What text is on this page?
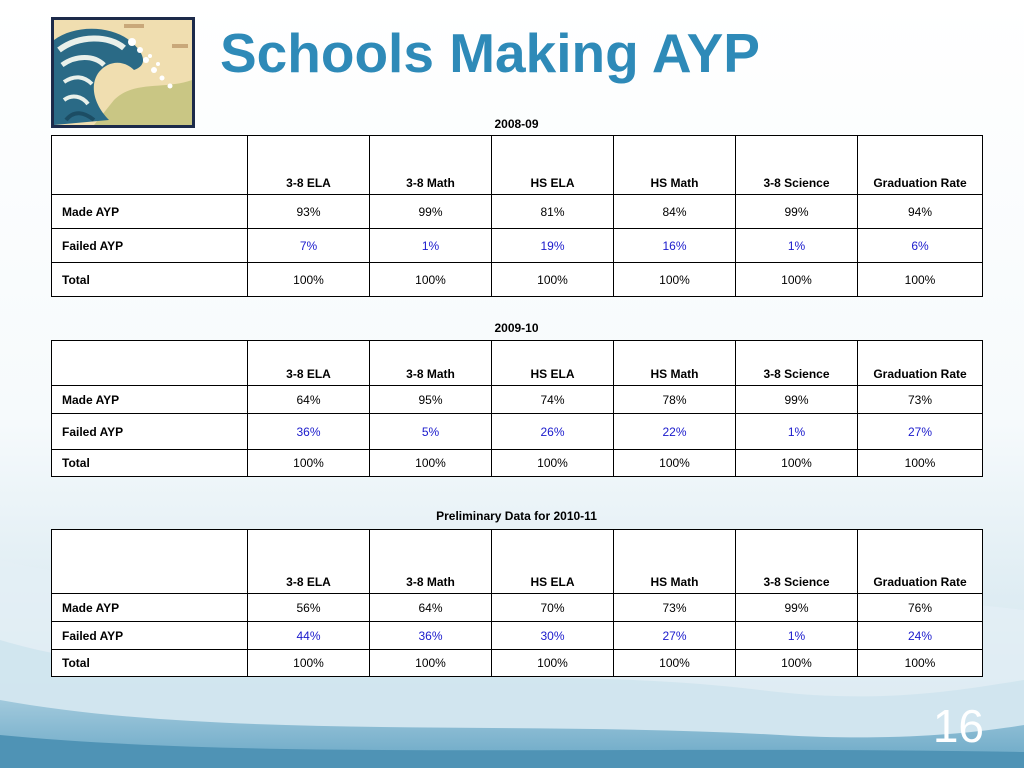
Schools Making AYP
2008-09
	3-8 ELA	3-8 Math	HS ELA	HS Math	3-8 Science	Graduation Rate
Made AYP	93%	99%	81%	84%	99%	94%
Failed AYP	7%	1%	19%	16%	1%	6%
Total	100%	100%	100%	100%	100%	100%
2009-10
	3-8 ELA	3-8 Math	HS ELA	HS Math	3-8 Science	Graduation Rate
Made AYP	64%	95%	74%	78%	99%	73%
Failed AYP	36%	5%	26%	22%	1%	27%
Total	100%	100%	100%	100%	100%	100%
Preliminary Data for 2010-11
	3-8 ELA	3-8 Math	HS ELA	HS Math	3-8 Science	Graduation Rate
Made AYP	56%	64%	70%	73%	99%	76%
Failed AYP	44%	36%	30%	27%	1%	24%
Total	100%	100%	100%	100%	100%	100%
16
